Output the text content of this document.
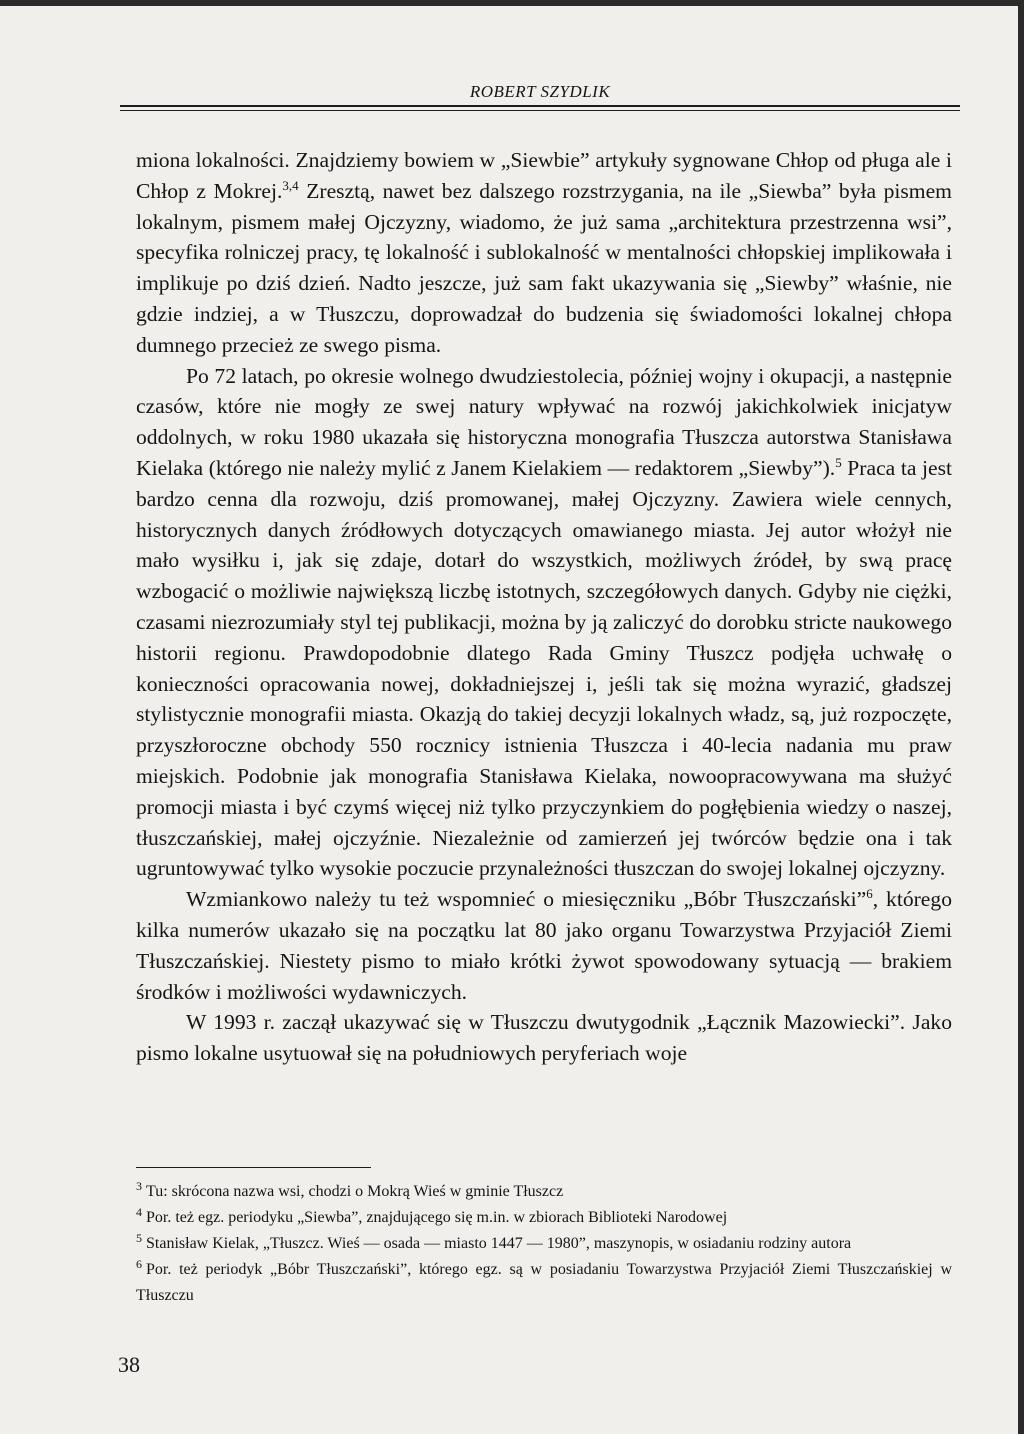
ROBERT SZYDLIK

miona lokalności. Znajdziemy bowiem w „Siewbie” artykuły sygnowane Chłop od pługa ale i Chłop z Mokrej.$^{3,4}$ Zresztą, nawet bez dalszego rozstrzygania, na ile „Siewba” była pismem lokalnym, pismem małej Ojczyzny, wiadomo, że już sama „architektura przestrzenna wsi”, specyfika rolniczej pracy, tę lokalność i sublokalność w mentalności chłopskiej implikowała i implikuje po dziś dzień. Nadto jeszcze, już sam fakt ukazywania się „Siewby” właśnie, nie gdzie indziej, a w Tłuszczu, doprowadzał do budzenia się świadomości lokalnej chłopa dumnego przecież ze swego pisma.

Po 72 latach, po okresie wolnego dwudziestolecia, później wojny i okupacji, a następnie czasów, które nie mogły ze swej natury wpływać na rozwój jakichkolwiek inicjatyw oddolnych, w roku 1980 ukazała się historyczna monografia Tłuszcza autorstwa Stanisława Kielaka (którego nie należy mylić z Janem Kielakiem — redaktorem „Siewby”).$^5$ Praca ta jest bardzo cenna dla rozwoju, dziś promowanej, małej Ojczyzny. Zawiera wiele cennych, historycznych danych źródłowych dotyczących omawianego miasta. Jej autor włożył nie mało wysiłku i, jak się zdaje, dotarł do wszystkich, możliwych źródeł, by swą pracę wzbogacić o możliwie największą liczbę istotnych, szczegółowych danych. Gdyby nie ciężki, czasami niezrozumiały styl tej publikacji, można by ją zaliczyć do dorobku stricte naukowego historii regionu. Prawdopodobnie dlatego Rada Gminy Tłuszcz podjęła uchwałę o konieczności opracowania nowej, dokładniejszej i, jeśli tak się można wyrazić, gładszej stylistycznie monografii miasta. Okazją do takiej decyzji lokalnych władz, są, już rozpoczęte, przyszłoroczne obchody 550 rocznicy istnienia Tłuszcza i 40-lecia nadania mu praw miejskich. Podobnie jak monografia Stanisława Kielaka, nowoopracowywana ma służyć promocji miasta i być czymś więcej niż tylko przyczynkiem do pogłębienia wiedzy o naszej, tłuszczańskiej, małej ojczyźnie. Niezależnie od zamierzeń jej twórców będzie ona i tak ugruntowywać tylko wysokie poczucie przynależności tłuszczan do swojej lokalnej ojczyzny.

Wzmiankowo należy tu też wspomnieć o miesięczniku „Bóbr Tłuszczański”$^6$, którego kilka numerów ukazało się na początku lat 80 jako organu Towarzystwa Przyjaciół Ziemi Tłuszczańskiej. Niestety pismo to miało krótki żywot spowodowany sytuacją — brakiem środków i możliwości wydawniczych.

W 1993 r. zaczął ukazywać się w Tłuszczu dwutygodnik „Łącznik Mazowiecki”. Jako pismo lokalne usytuował się na południowych peryferiach woje

$^3$ Tu: skrócona nazwa wsi, chodzi o Mokrą Wieś w gminie Tłuszcz

$^4$ Por. też egz. periodyku „Siewba”, znajdującego się m.in. w zbiorach Biblioteki Narodowej

$^5$ Stanisław Kielak, „Tłuszcz. Wieś — osada — miasto 1447 — 1980”, maszynopis, w osiadaniu rodziny autora

$^6$ Por. też periodyk „Bóbr Tłuszczański”, którego egz. są w posiadaniu Towarzystwa Przyjaciół Ziemi Tłuszczańskiej w Tłuszczu

38
